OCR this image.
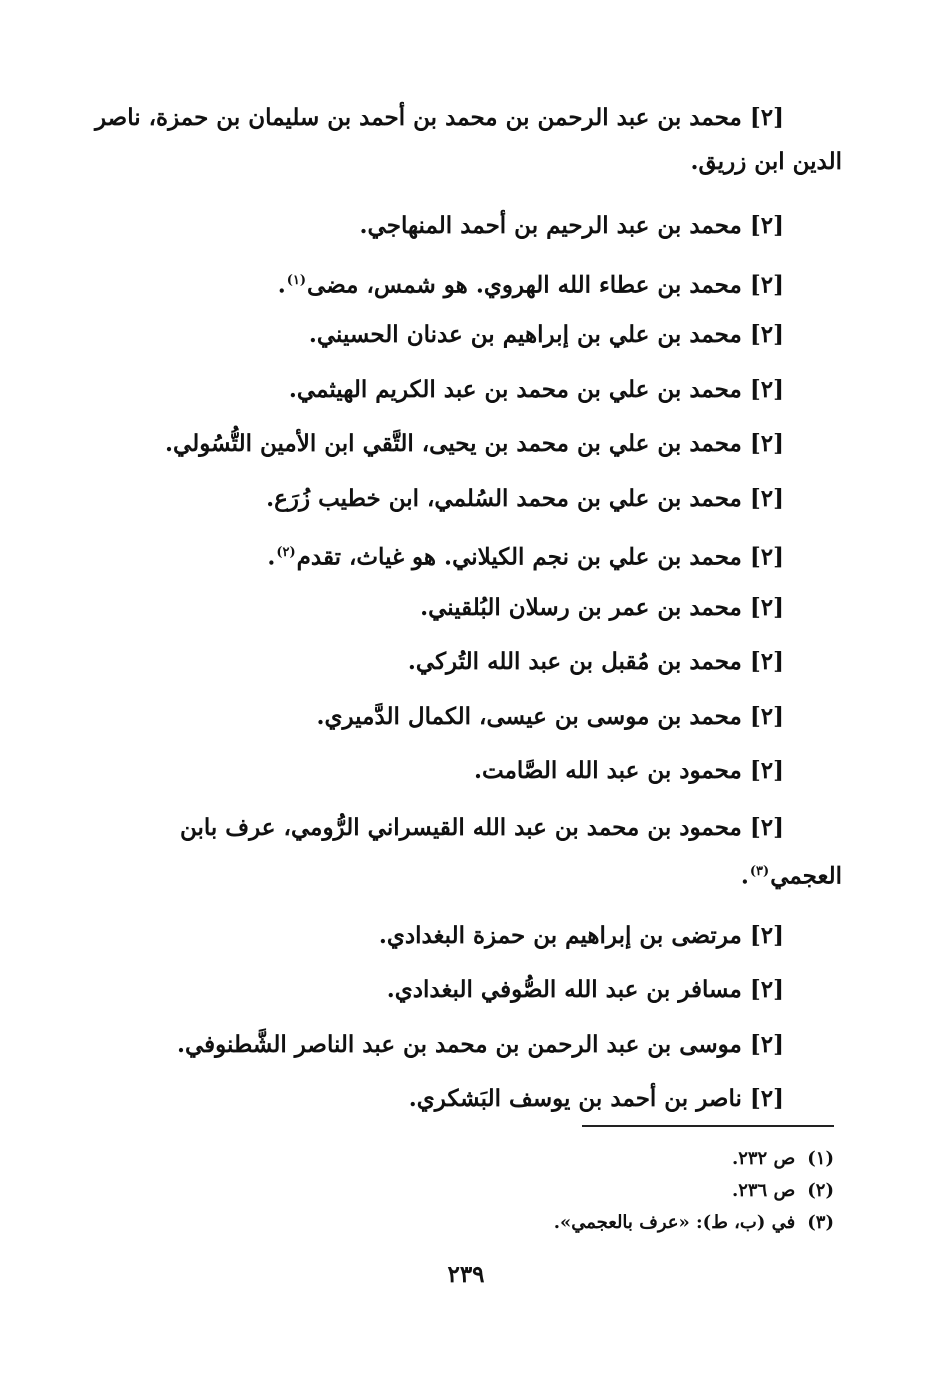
[٢] محمد بن عبد الرحمن بن محمد بن أحمد بن سليمان بن حمزة، ناصر الدين ابن زريق.
[٢] محمد بن عبد الرحيم بن أحمد المنهاجي.
[٢] محمد بن عطاء الله الهروي. هو شمس، مضى$^{(١)}$.
[٢] محمد بن علي بن إبراهيم بن عدنان الحسيني.
[٢] محمد بن علي بن محمد بن عبد الكريم الهيثمي.
[٢] محمد بن علي بن محمد بن يحيى، التَّقي ابن الأمين التُّسُولي.
[٢] محمد بن علي بن محمد السُلمي، ابن خطيب زُرَع.
[٢] محمد بن علي بن نجم الكيلاني. هو غياث، تقدم$^{(٢)}$.
[٢] محمد بن عمر بن رسلان البُلقيني.
[٢] محمد بن مُقبل بن عبد الله التُركي.
[٢] محمد بن موسى بن عيسى، الكمال الدَّميري.
[٢] محمود بن عبد الله الصَّامت.
[٢] محمود بن محمد بن عبد الله القيسراني الرُّومي، عرف بابن العجمي$^{(٣)}$.
[٢] مرتضى بن إبراهيم بن حمزة البغدادي.
[٢] مسافر بن عبد الله الصُّوفي البغدادي.
[٢] موسى بن عبد الرحمن بن محمد بن عبد الناصر الشَّطنوفي.
[٢] ناصر بن أحمد بن يوسف البَشكري.
(١)ص ٢٣٢.
(٢)ص ٢٣٦.
(٣)في (ب، ط): «عرف بالعجمي».
٢٣٩
